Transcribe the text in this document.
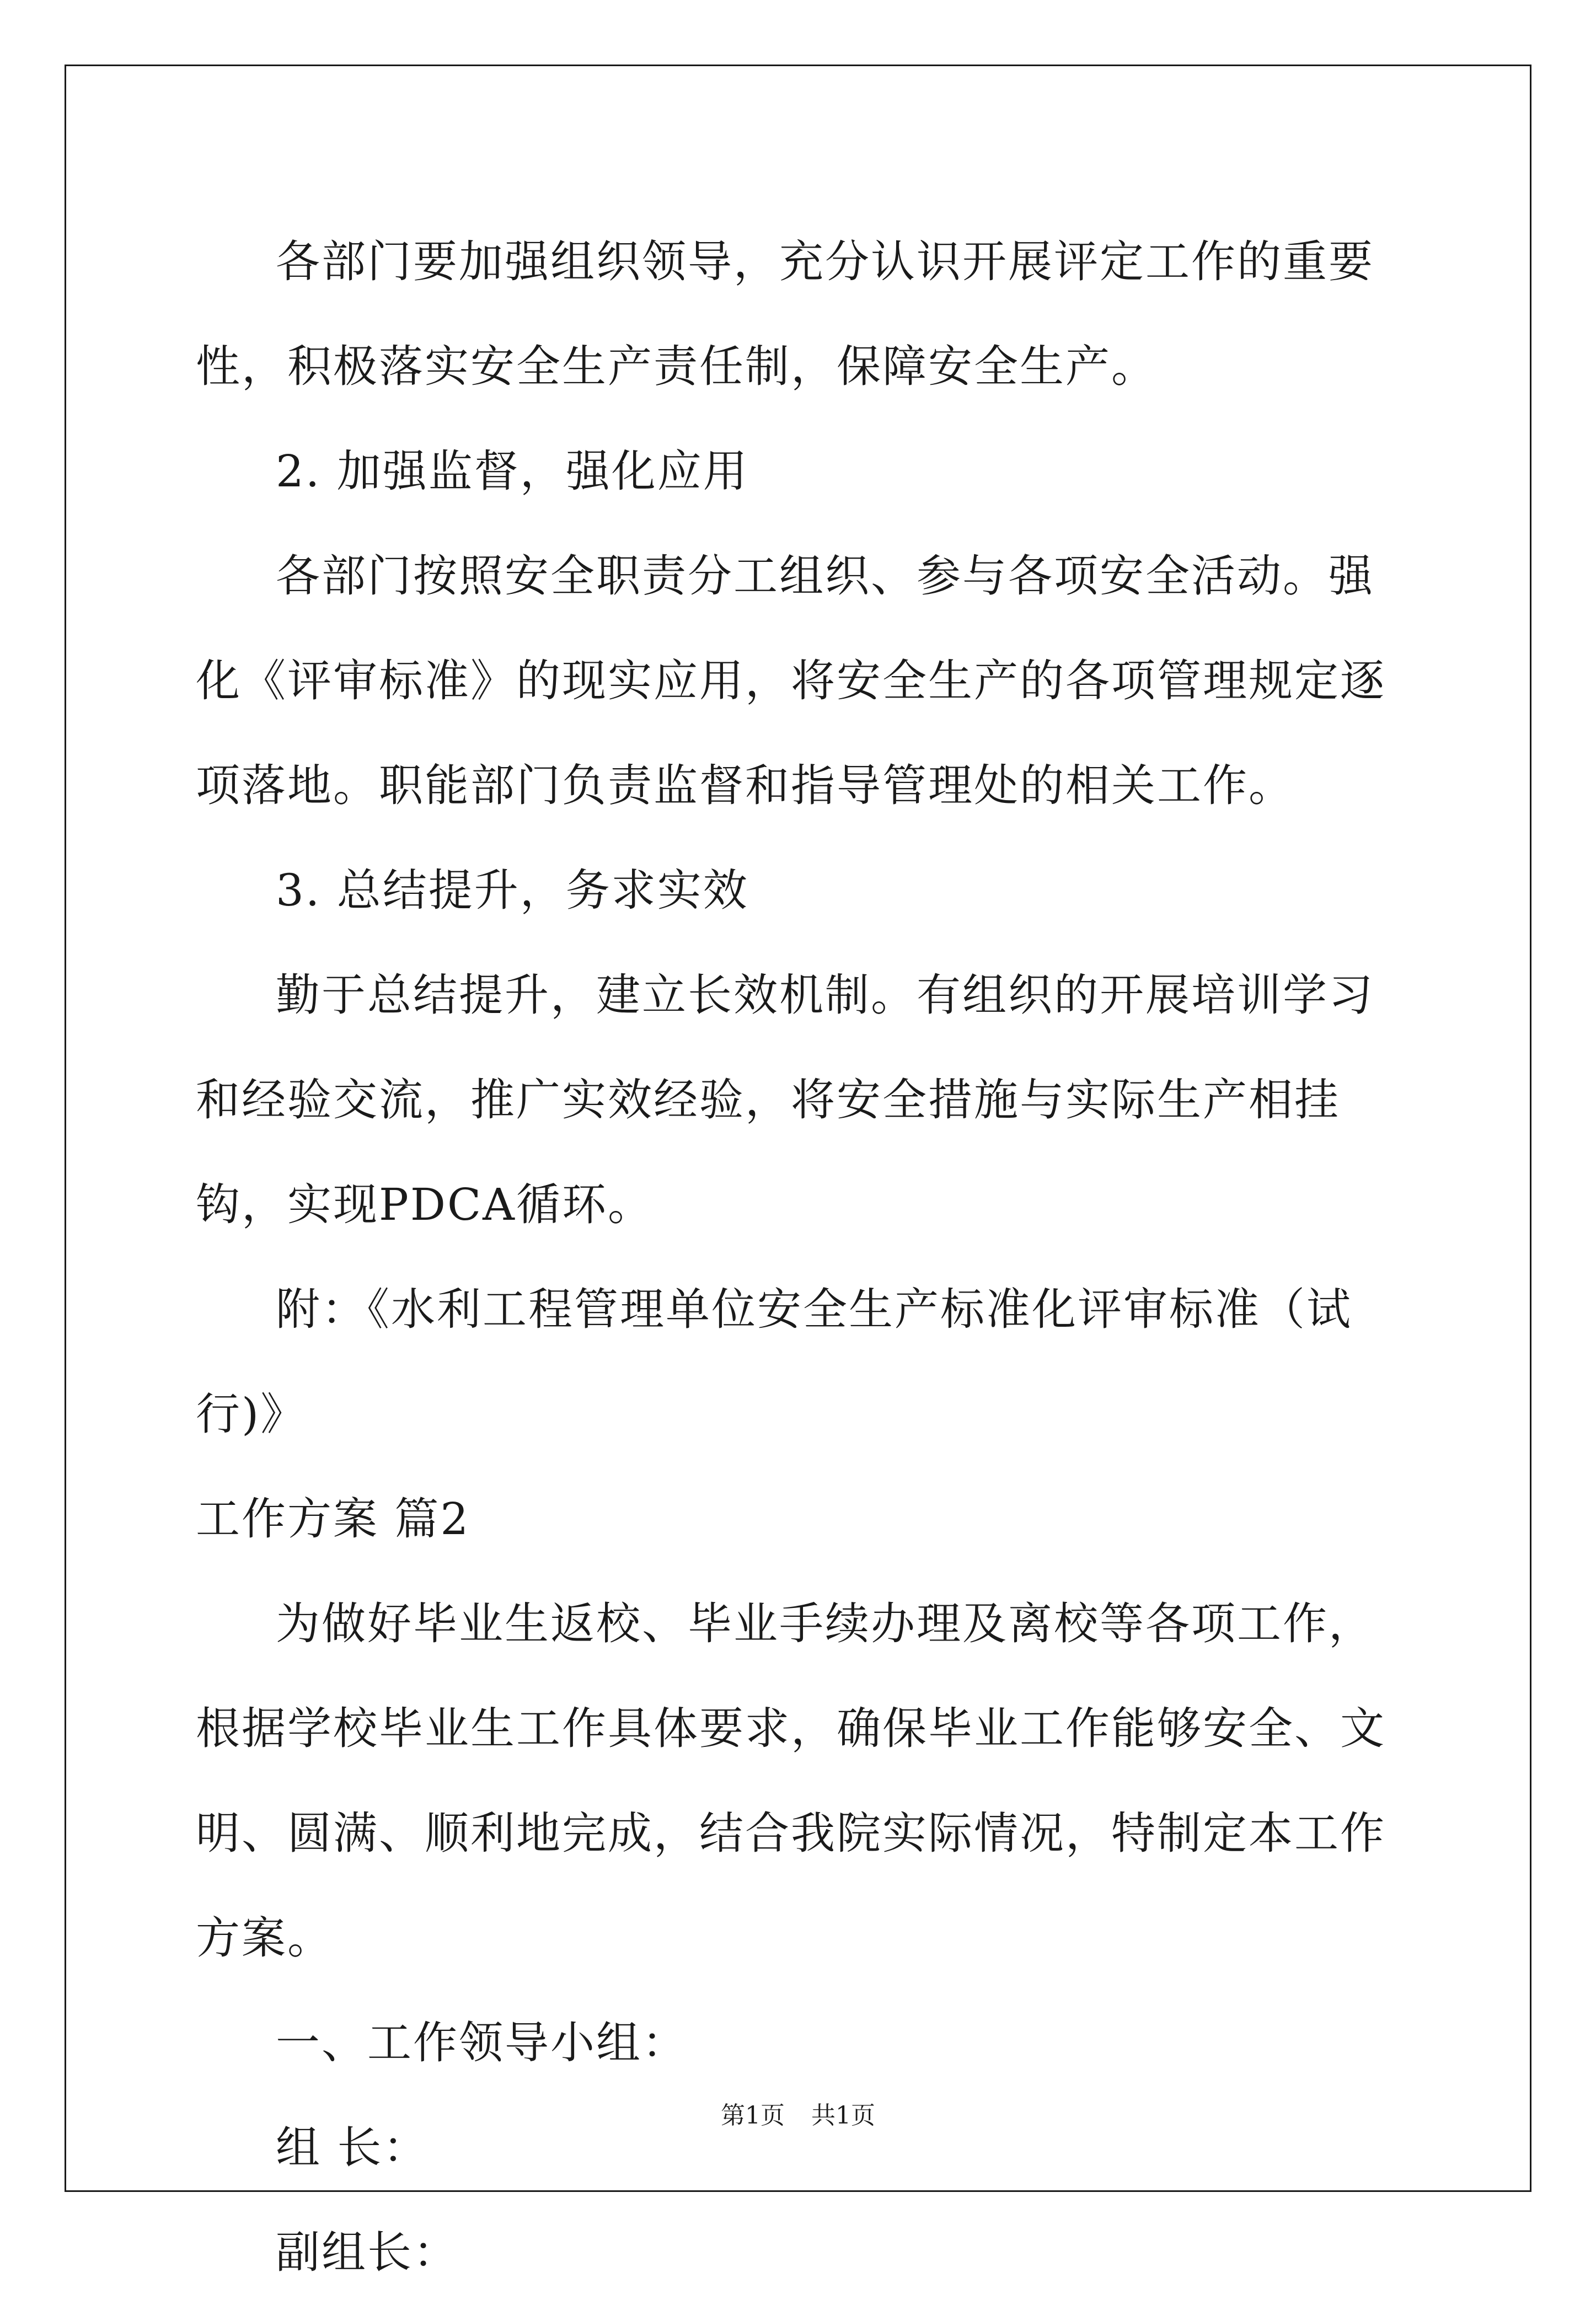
各部门要加强组织领导，充分认识开展评定工作的重要性，积极落实安全生产责任制，保障安全生产。

2. 加强监督，强化应用

各部门按照安全职责分工组织、参与各项安全活动。强化《评审标准》的现实应用，将安全生产的各项管理规定逐项落地。职能部门负责监督和指导管理处的相关工作。

3. 总结提升，务求实效

勤于总结提升，建立长效机制。有组织的开展培训学习和经验交流，推广实效经验，将安全措施与实际生产相挂钩，实现PDCA循环。

附：《水利工程管理单位安全生产标准化评审标准（试行)》

工作方案 篇2

为做好毕业生返校、毕业手续办理及离校等各项工作，根据学校毕业生工作具体要求，确保毕业工作能够安全、文明、圆满、顺利地完成，结合我院实际情况，特制定本工作方案。

一、工作领导小组：

组 长：

副组长：

第1页 共1页
